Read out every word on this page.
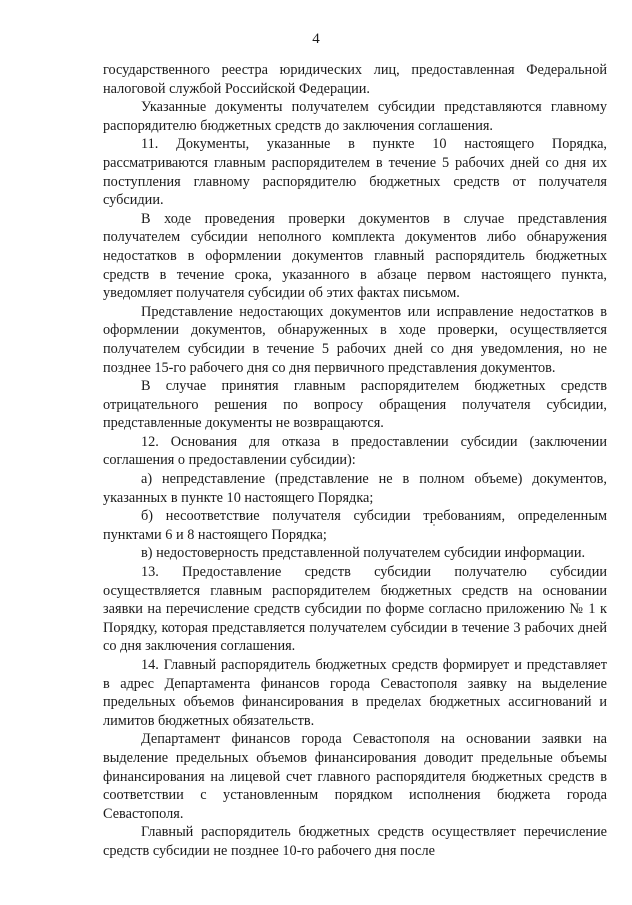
4

государственного реестра юридических лиц, предоставленная Федеральной налоговой службой Российской Федерации.

Указанные документы получателем субсидии представляются главному распорядителю бюджетных средств до заключения соглашения.

11. Документы, указанные в пункте 10 настоящего Порядка, рассматриваются главным распорядителем в течение 5 рабочих дней со дня их поступления главному распорядителю бюджетных средств от получателя субсидии.

В ходе проведения проверки документов в случае представления получателем субсидии неполного комплекта документов либо обнаружения недостатков в оформлении документов главный распорядитель бюджетных средств в течение срока, указанного в абзаце первом настоящего пункта, уведомляет получателя субсидии об этих фактах письмом.

Представление недостающих документов или исправление недостатков в оформлении документов, обнаруженных в ходе проверки, осуществляется получателем субсидии в течение 5 рабочих дней со дня уведомления, но не позднее 15-го рабочего дня со дня первичного представления документов.

В случае принятия главным распорядителем бюджетных средств отрицательного решения по вопросу обращения получателя субсидии, представленные документы не возвращаются.

12. Основания для отказа в предоставлении субсидии (заключении соглашения о предоставлении субсидии):

а) непредставление (представление не в полном объеме) документов, указанных в пункте 10 настоящего Порядка;

б) несоответствие получателя субсидии требованиям, определенным пунктами 6 и 8 настоящего Порядка;

в) недостоверность представленной получателем субсидии информации.

13. Предоставление средств субсидии получателю субсидии осуществляется главным распорядителем бюджетных средств на основании заявки на перечисление средств субсидии по форме согласно приложению № 1 к Порядку, которая представляется получателем субсидии в течение 3 рабочих дней со дня заключения соглашения.

14. Главный распорядитель бюджетных средств формирует и представляет в адрес Департамента финансов города Севастополя заявку на выделение предельных объемов финансирования в пределах бюджетных ассигнований и лимитов бюджетных обязательств.

Департамент финансов города Севастополя на основании заявки на выделение предельных объемов финансирования доводит предельные объемы финансирования на лицевой счет главного распорядителя бюджетных средств в соответствии с установленным порядком исполнения бюджета города Севастополя.

Главный распорядитель бюджетных средств осуществляет перечисление средств субсидии не позднее 10-го рабочего дня после
